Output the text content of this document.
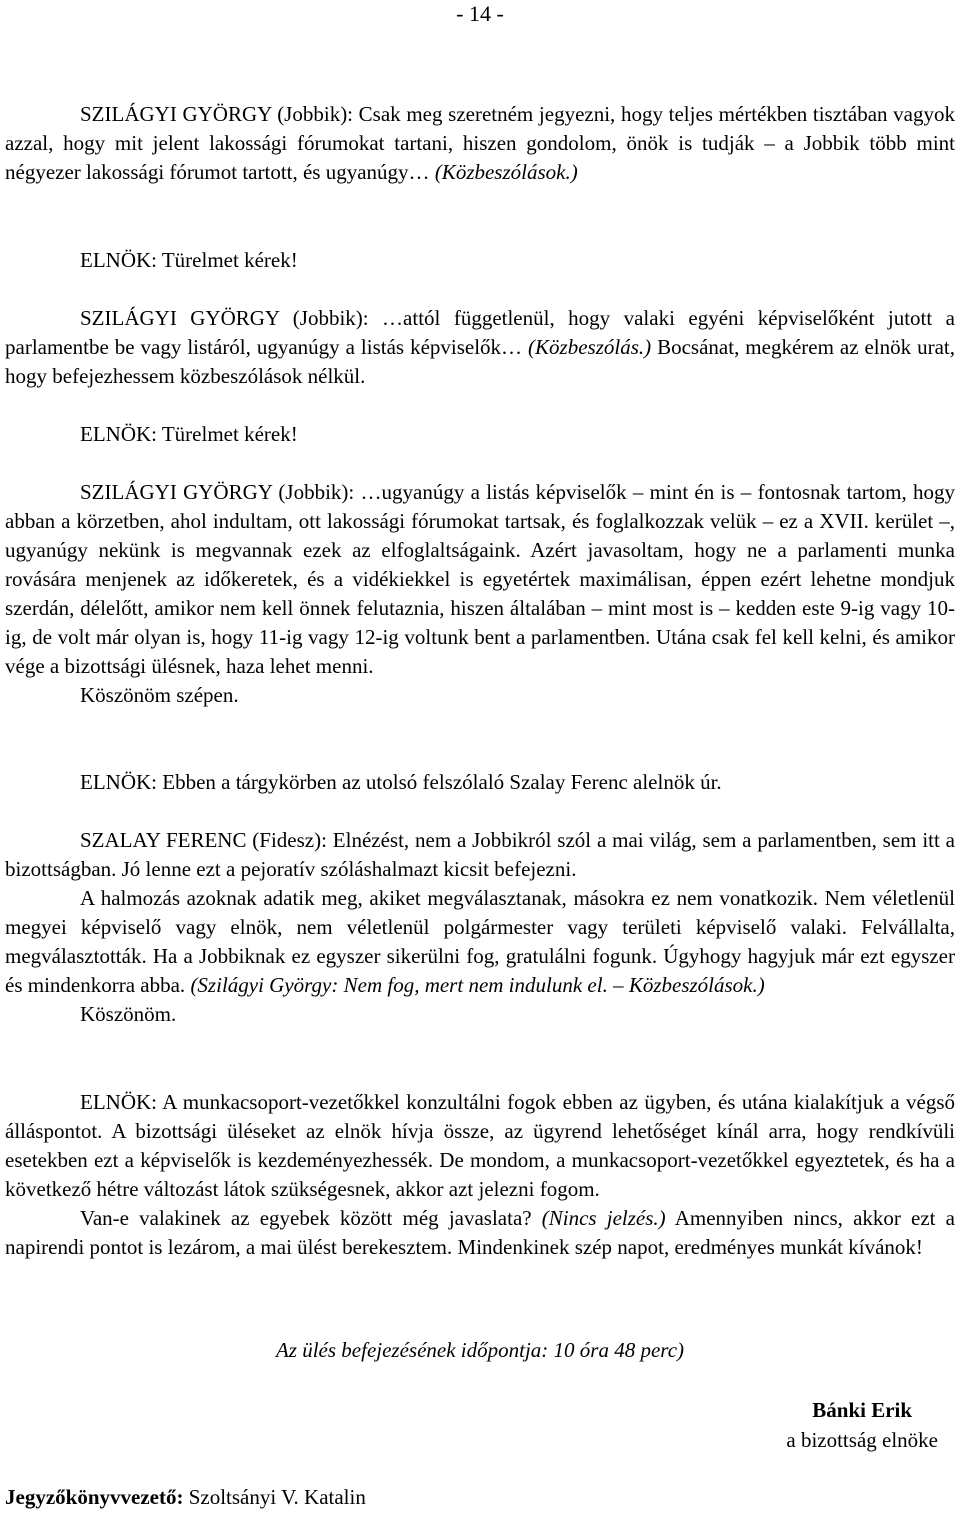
- 14 -

SZILÁGYI GYÖRGY (Jobbik): Csak meg szeretném jegyezni, hogy teljes mértékben tisztában vagyok azzal, hogy mit jelent lakossági fórumokat tartani, hiszen gondolom, önök is tudják – a Jobbik több mint négyezer lakossági fórumot tartott, és ugyanúgy… (Közbeszólások.)

ELNÖK: Türelmet kérek!

SZILÁGYI GYÖRGY (Jobbik): …attól függetlenül, hogy valaki egyéni képviselőként jutott a parlamentbe be vagy listáról, ugyanúgy a listás képviselők… (Közbeszólás.) Bocsánat, megkérem az elnök urat, hogy befejezhessem közbeszólások nélkül.

ELNÖK: Türelmet kérek!

SZILÁGYI GYÖRGY (Jobbik): …ugyanúgy a listás képviselők – mint én is – fontosnak tartom, hogy abban a körzetben, ahol indultam, ott lakossági fórumokat tartsak, és foglalkozzak velük – ez a XVII. kerület –, ugyanúgy nekünk is megvannak ezek az elfoglaltságaink. Azért javasoltam, hogy ne a parlamenti munka rovására menjenek az időkeretek, és a vidékiekkel is egyetértek maximálisan, éppen ezért lehetne mondjuk szerdán, délelőtt, amikor nem kell önnek felutaznia, hiszen általában – mint most is – kedden este 9-ig vagy 10-ig, de volt már olyan is, hogy 11-ig vagy 12-ig voltunk bent a parlamentben. Utána csak fel kell kelni, és amikor vége a bizottsági ülésnek, haza lehet menni.

Köszönöm szépen.

ELNÖK: Ebben a tárgykörben az utolsó felszólaló Szalay Ferenc alelnök úr.

SZALAY FERENC (Fidesz): Elnézést, nem a Jobbikról szól a mai világ, sem a parlamentben, sem itt a bizottságban. Jó lenne ezt a pejoratív szóláshalmazt kicsit befejezni.

A halmozás azoknak adatik meg, akiket megválasztanak, másokra ez nem vonatkozik. Nem véletlenül megyei képviselő vagy elnök, nem véletlenül polgármester vagy területi képviselő valaki. Felvállalta, megválasztották. Ha a Jobbiknak ez egyszer sikerülni fog, gratulálni fogunk. Úgyhogy hagyjuk már ezt egyszer és mindenkorra abba. (Szilágyi György: Nem fog, mert nem indulunk el. – Közbeszólások.)

Köszönöm.

ELNÖK: A munkacsoport-vezetőkkel konzultálni fogok ebben az ügyben, és utána kialakítjuk a végső álláspontot. A bizottsági üléseket az elnök hívja össze, az ügyrend lehetőséget kínál arra, hogy rendkívüli esetekben ezt a képviselők is kezdeményezhessék. De mondom, a munkacsoport-vezetőkkel egyeztetek, és ha a következő hétre változást látok szükségesnek, akkor azt jelezni fogom.

Van-e valakinek az egyebek között még javaslata? (Nincs jelzés.) Amennyiben nincs, akkor ezt a napirendi pontot is lezárom, a mai ülést berekesztem. Mindenkinek szép napot, eredményes munkát kívánok!

Az ülés befejezésének időpontja: 10 óra 48 perc)

Bánki Erik
a bizottság elnöke
Jegyzőkönyvvezető: Szoltsányi V. Katalin
